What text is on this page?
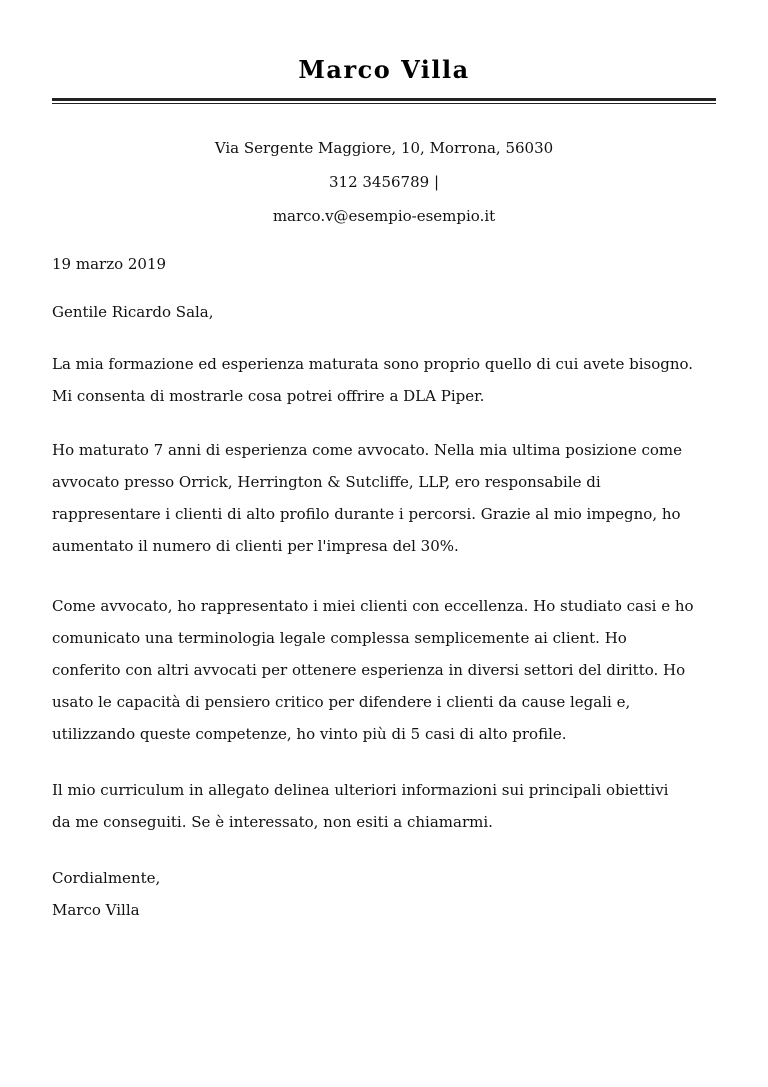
Marco Villa
Via Sergente Maggiore, 10, Morrona, 56030
312 3456789 |
marco.v@esempio-esempio.it
19 marzo 2019
Gentile Ricardo Sala,
La mia formazione ed esperienza maturata sono proprio quello di cui avete bisogno.
Mi consenta di mostrarle cosa potrei offrire a DLA Piper.
Ho maturato 7 anni di esperienza come avvocato. Nella mia ultima posizione come
avvocato presso Orrick, Herrington & Sutcliffe, LLP, ero responsabile di
rappresentare i clienti di alto profilo durante i percorsi. Grazie al mio impegno, ho
aumentato il numero di clienti per l'impresa del 30%.
Come avvocato, ho rappresentato i miei clienti con eccellenza. Ho studiato casi e ho
comunicato una terminologia legale complessa semplicemente ai client. Ho
conferito con altri avvocati per ottenere esperienza in diversi settori del diritto. Ho
usato le capacità di pensiero critico per difendere i clienti da cause legali e,
utilizzando queste competenze, ho vinto più di 5 casi di alto profile.
Il mio curriculum in allegato delinea ulteriori informazioni sui principali obiettivi
da me conseguiti. Se è interessato, non esiti a chiamarmi.
Cordialmente,
Marco Villa
